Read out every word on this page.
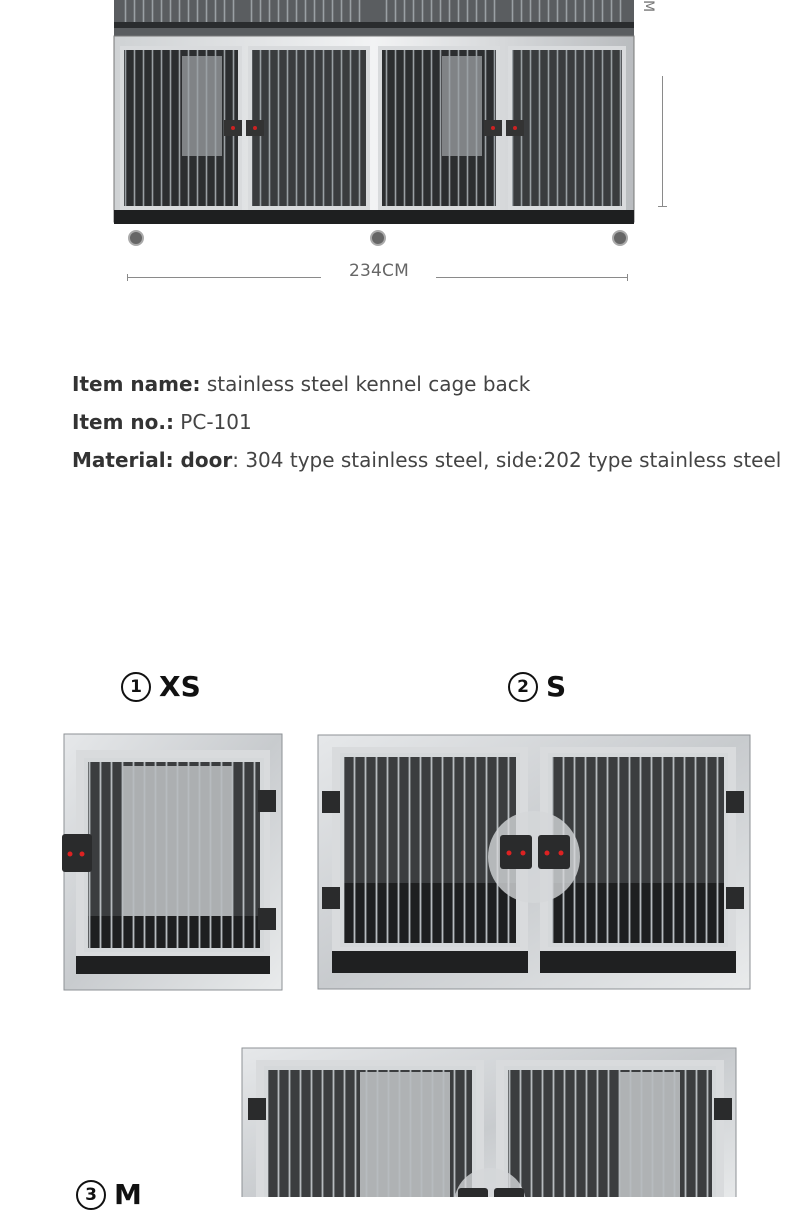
234CM
M
Item name: stainless steel kennel cage back
Item no.: PC-101
Material: door: 304 type stainless steel, side:202 type stainless steel
1 XS	2 S
3 M
